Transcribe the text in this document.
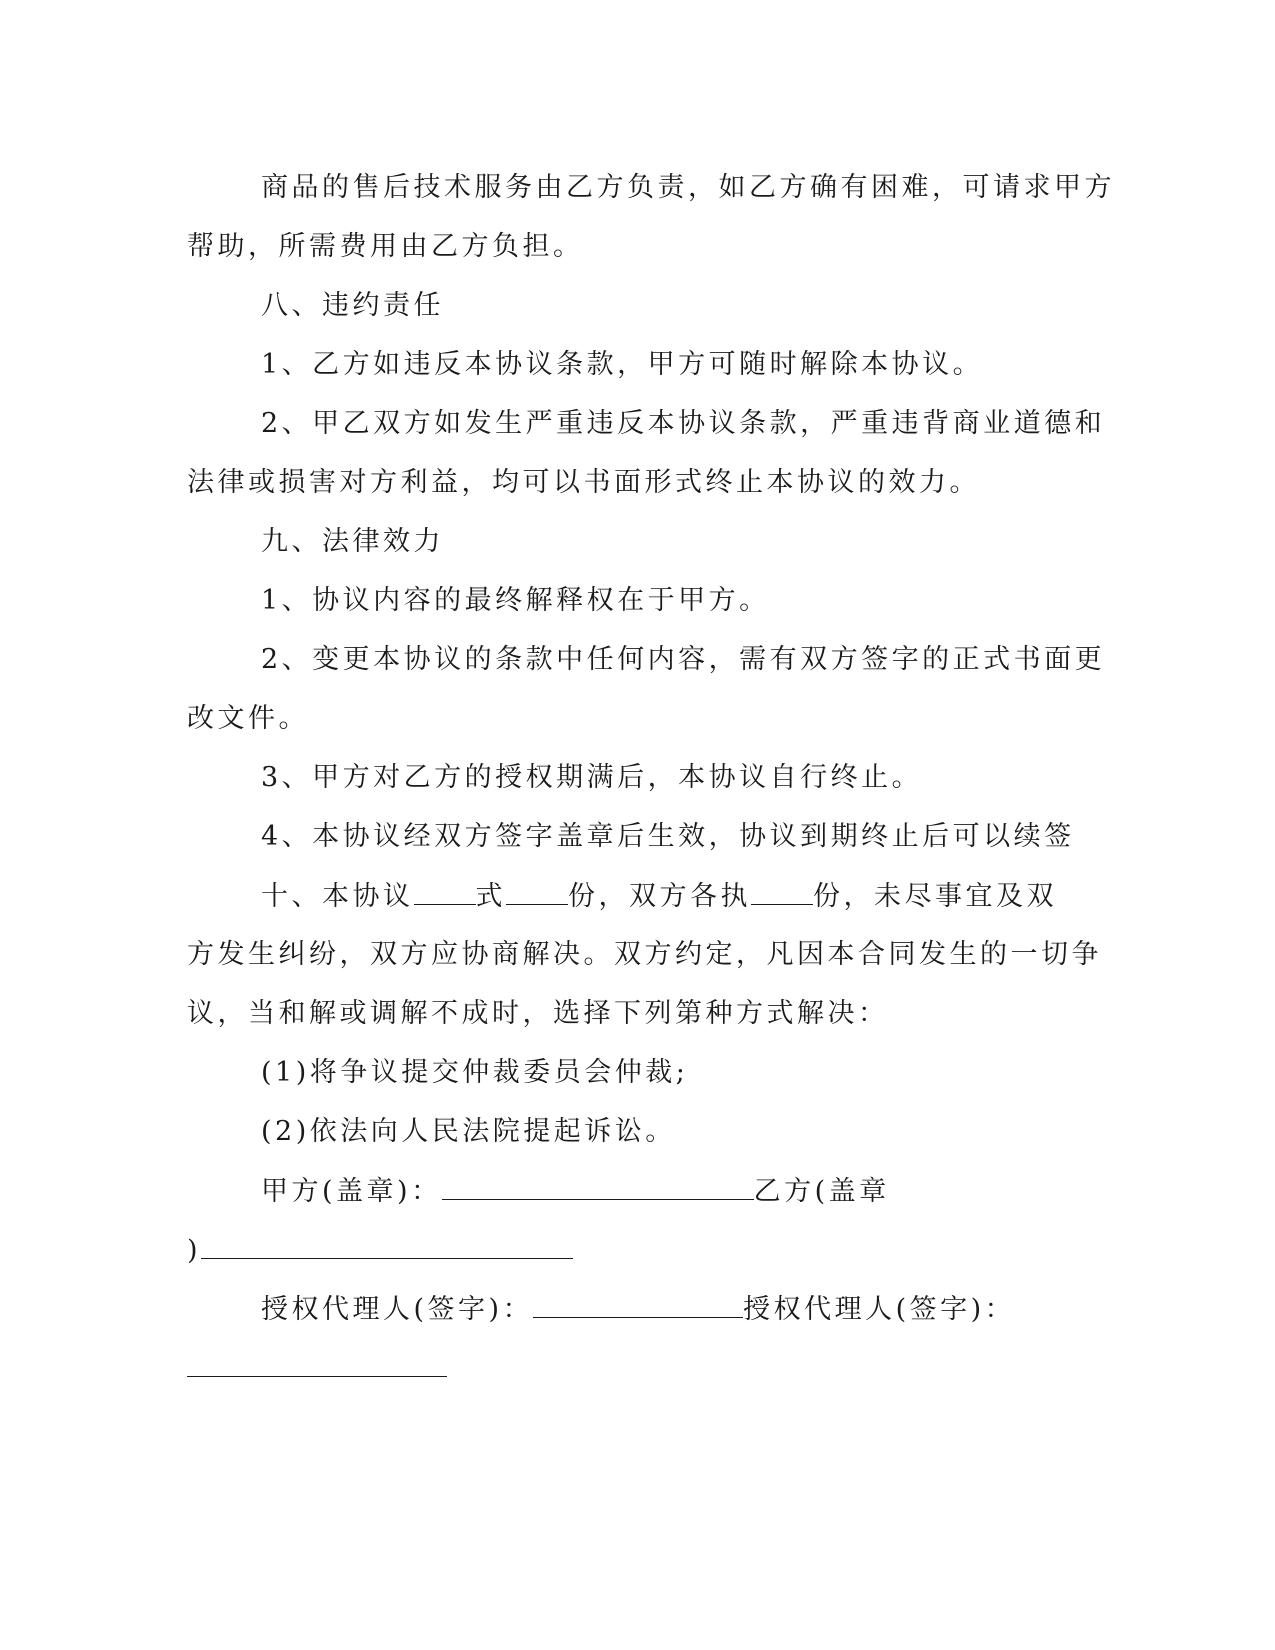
商品的售后技术服务由乙方负责，如乙方确有困难，可请求甲方
帮助，所需费用由乙方负担。
八、违约责任
1、乙方如违反本协议条款，甲方可随时解除本协议。
2、甲乙双方如发生严重违反本协议条款，严重违背商业道德和
法律或损害对方利益，均可以书面形式终止本协议的效力。
九、法律效力
1、协议内容的最终解释权在于甲方。
2、变更本协议的条款中任何内容，需有双方签字的正式书面更
改文件。
3、甲方对乙方的授权期满后，本协议自行终止。
4、本协议经双方签字盖章后生效，协议到期终止后可以续签
十、本协议 式 份，双方各执 份，未尽事宜及双
方发生纠纷，双方应协商解决。双方约定，凡因本合同发生的一切争
议，当和解或调解不成时，选择下列第种方式解决：
(1)将争议提交仲裁委员会仲裁;
(2)依法向人民法院提起诉讼。
甲方(盖章)：	乙方(盖章
)
授权代理人(签字)：	授权代理人(签字)：
